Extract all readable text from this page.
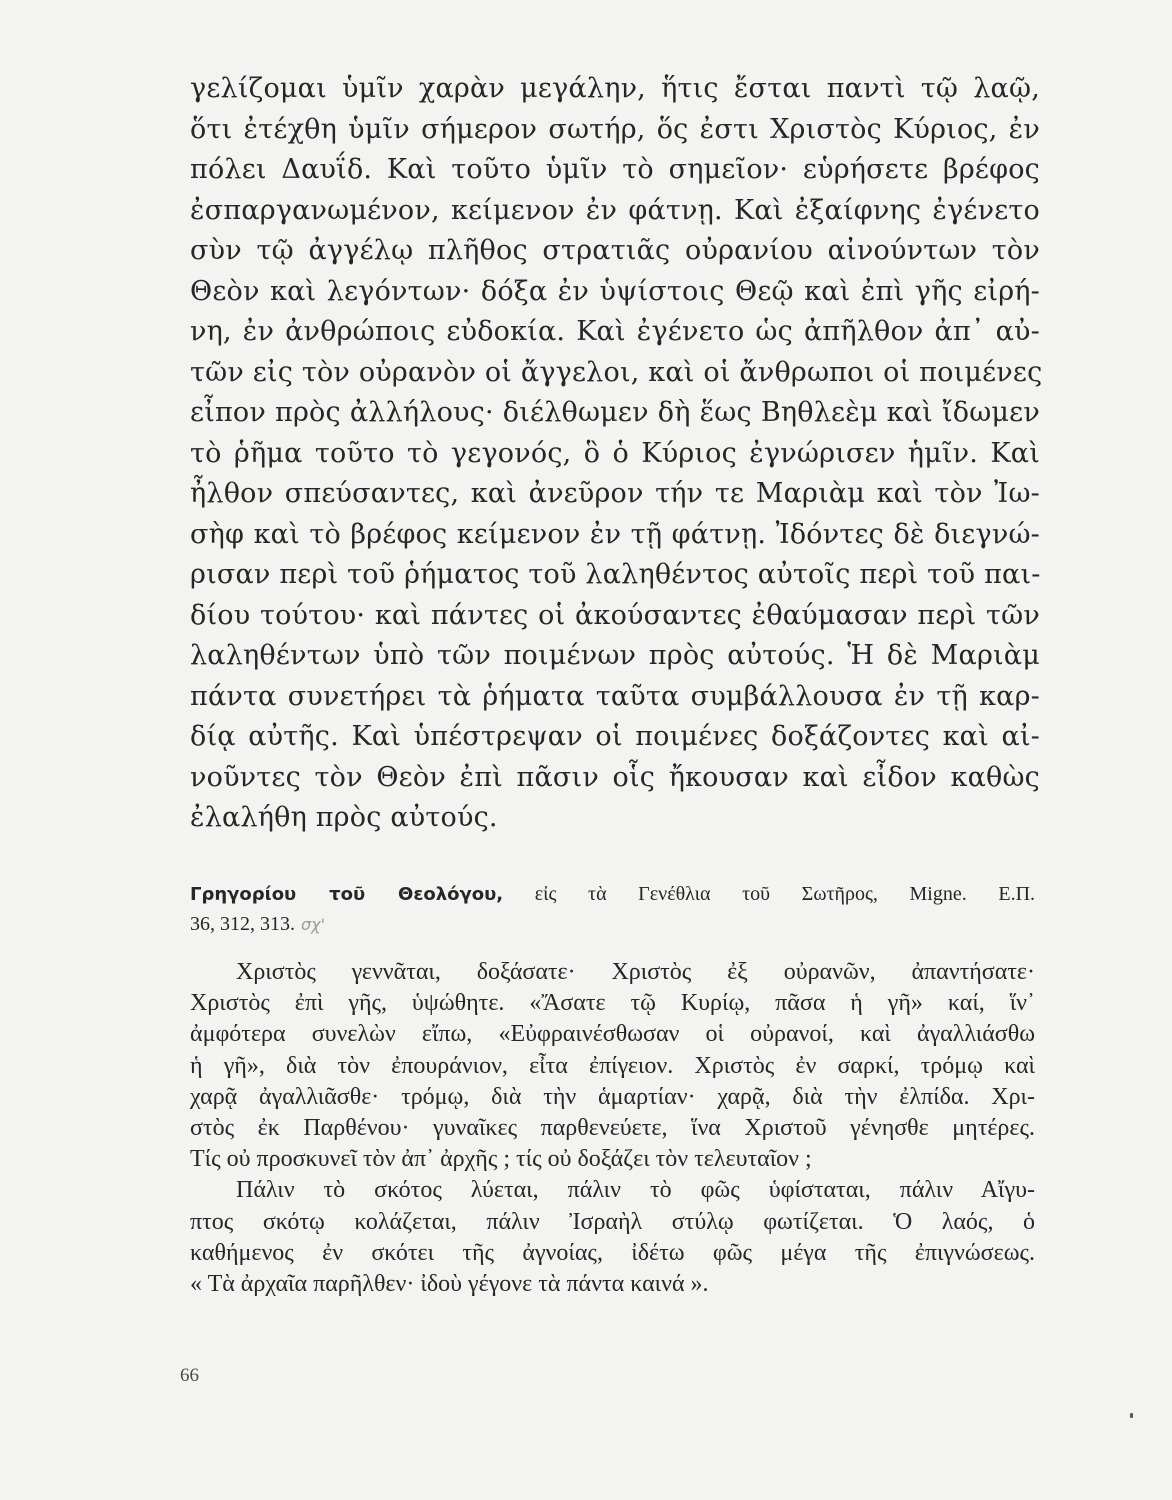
γελίζομαι ὑμῖν χαρὰν μεγάλην, ἥτις ἔσται παντὶ τῷ λαῷ,
ὅτι ἐτέχθη ὑμῖν σήμερον σωτήρ, ὅς ἐστι Χριστὸς Κύριος, ἐν
πόλει Δαυΐδ. Καὶ τοῦτο ὑμῖν τὸ σημεῖον· εὑρήσετε βρέφος
ἐσπαργανωμένον, κείμενον ἐν φάτνῃ. Καὶ ἐξαίφνης ἐγένετο
σὺν τῷ ἀγγέλῳ πλῆθος στρατιᾶς οὐρανίου αἰνούντων τὸν
Θεὸν καὶ λεγόντων· δόξα ἐν ὑψίστοις Θεῷ καὶ ἐπὶ γῆς εἰρή-
νη, ἐν ἀνθρώποις εὐδοκία. Καὶ ἐγένετο ὡς ἀπῆλθον ἀπ᾽ αὐ-
τῶν εἰς τὸν οὐρανὸν οἱ ἄγγελοι, καὶ οἱ ἄνθρωποι οἱ ποιμένες
εἶπον πρὸς ἀλλήλους· διέλθωμεν δὴ ἕως Βηθλεὲμ καὶ ἴδωμεν
τὸ ῥῆμα τοῦτο τὸ γεγονός, ὃ ὁ Κύριος ἐγνώρισεν ἡμῖν. Καὶ
ἦλθον σπεύσαντες, καὶ ἀνεῦρον τήν τε Μαριὰμ καὶ τὸν Ἰω-
σὴφ καὶ τὸ βρέφος κείμενον ἐν τῇ φάτνῃ. Ἰδόντες δὲ διεγνώ-
ρισαν περὶ τοῦ ῥήματος τοῦ λαληθέντος αὐτοῖς περὶ τοῦ παι-
δίου τούτου· καὶ πάντες οἱ ἀκούσαντες ἐθαύμασαν περὶ τῶν
λαληθέντων ὑπὸ τῶν ποιμένων πρὸς αὐτούς. Ἡ δὲ Μαριὰμ
πάντα συνετήρει τὰ ῥήματα ταῦτα συμβάλλουσα ἐν τῇ καρ-
δίᾳ αὐτῆς. Καὶ ὑπέστρεψαν οἱ ποιμένες δοξάζοντες καὶ αἰ-
νοῦντες τὸν Θεὸν ἐπὶ πᾶσιν οἷς ἤκουσαν καὶ εἶδον καθὼς
ἐλαλήθη πρὸς αὐτούς.
Γρηγορίου τοῦ Θεολόγου, εἰς τὰ Γενέθλια τοῦ Σωτῆρος, Migne. Ε.Π.
36, 312, 313. σχ'
Χριστὸς γεννᾶται, δοξάσατε· Χριστὸς ἐξ οὐρανῶν, ἀπαντήσατε·
Χριστὸς ἐπὶ γῆς, ὑψώθητε. «Ἄσατε τῷ Κυρίῳ, πᾶσα ἡ γῆ» καί, ἵν᾽
ἀμφότερα συνελὼν εἴπω, «Εὐφραινέσθωσαν οἱ οὐρανοί, καὶ ἀγαλλιάσθω
ἡ γῆ», διὰ τὸν ἐπουράνιον, εἶτα ἐπίγειον. Χριστὸς ἐν σαρκί, τρόμῳ καὶ
χαρᾷ ἀγαλλιᾶσθε· τρόμῳ, διὰ τὴν ἁμαρτίαν· χαρᾷ, διὰ τὴν ἐλπίδα. Χρι-
στὸς ἐκ Παρθένου· γυναῖκες παρθενεύετε, ἵνα Χριστοῦ γένησθε μητέρες.
Τίς οὐ προσκυνεῖ τὸν ἀπ᾽ ἀρχῆς ; τίς οὐ δοξάζει τὸν τελευταῖον ;
Πάλιν τὸ σκότος λύεται, πάλιν τὸ φῶς ὑφίσταται, πάλιν Αἴγυ-
πτος σκότῳ κολάζεται, πάλιν Ἰσραὴλ στύλῳ φωτίζεται. Ὁ λαός, ὁ
καθήμενος ἐν σκότει τῆς ἀγνοίας, ἰδέτω φῶς μέγα τῆς ἐπιγνώσεως.
« Τὰ ἀρχαῖα παρῆλθεν· ἰδοὺ γέγονε τὰ πάντα καινά ».
66
